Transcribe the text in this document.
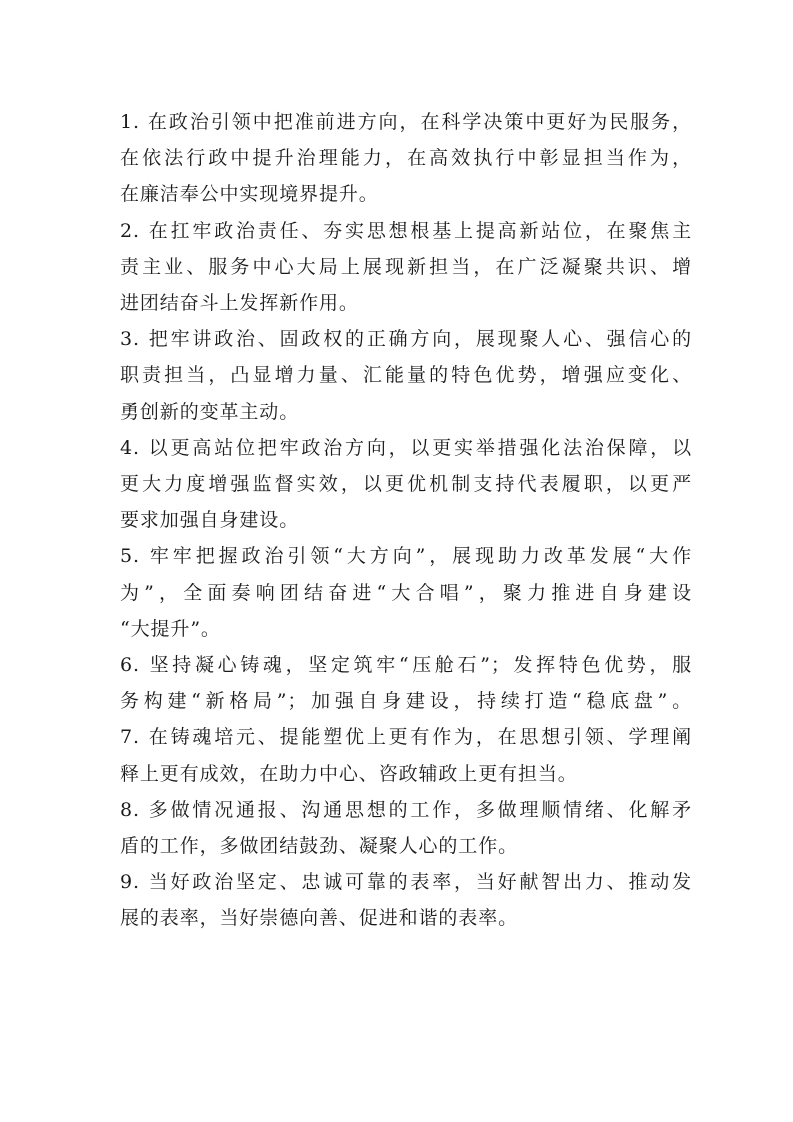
1. 在政治引领中把准前进方向，在科学决策中更好为民服务，
在依法行政中提升治理能力，在高效执行中彰显担当作为，
在廉洁奉公中实现境界提升。

2. 在扛牢政治责任、夯实思想根基上提高新站位，在聚焦主
责主业、服务中心大局上展现新担当，在广泛凝聚共识、增
进团结奋斗上发挥新作用。

3. 把牢讲政治、固政权的正确方向，展现聚人心、强信心的
职责担当，凸显增力量、汇能量的特色优势，增强应变化、
勇创新的变革主动。

4. 以更高站位把牢政治方向，以更实举措强化法治保障，以
更大力度增强监督实效，以更优机制支持代表履职，以更严
要求加强自身建设。

5. 牢牢把握政治引领“大方向”，展现助力改革发展“大作
为”，全面奏响团结奋进“大合唱”，聚力推进自身建设
“大提升”。

6. 坚持凝心铸魂，坚定筑牢“压舱石”；发挥特色优势，服
务构建“新格局”；加强自身建设，持续打造“稳底盘”。

7. 在铸魂培元、提能塑优上更有作为，在思想引领、学理阐
释上更有成效，在助力中心、咨政辅政上更有担当。

8. 多做情况通报、沟通思想的工作，多做理顺情绪、化解矛
盾的工作，多做团结鼓劲、凝聚人心的工作。

9. 当好政治坚定、忠诚可靠的表率，当好献智出力、推动发
展的表率，当好崇德向善、促进和谐的表率。
